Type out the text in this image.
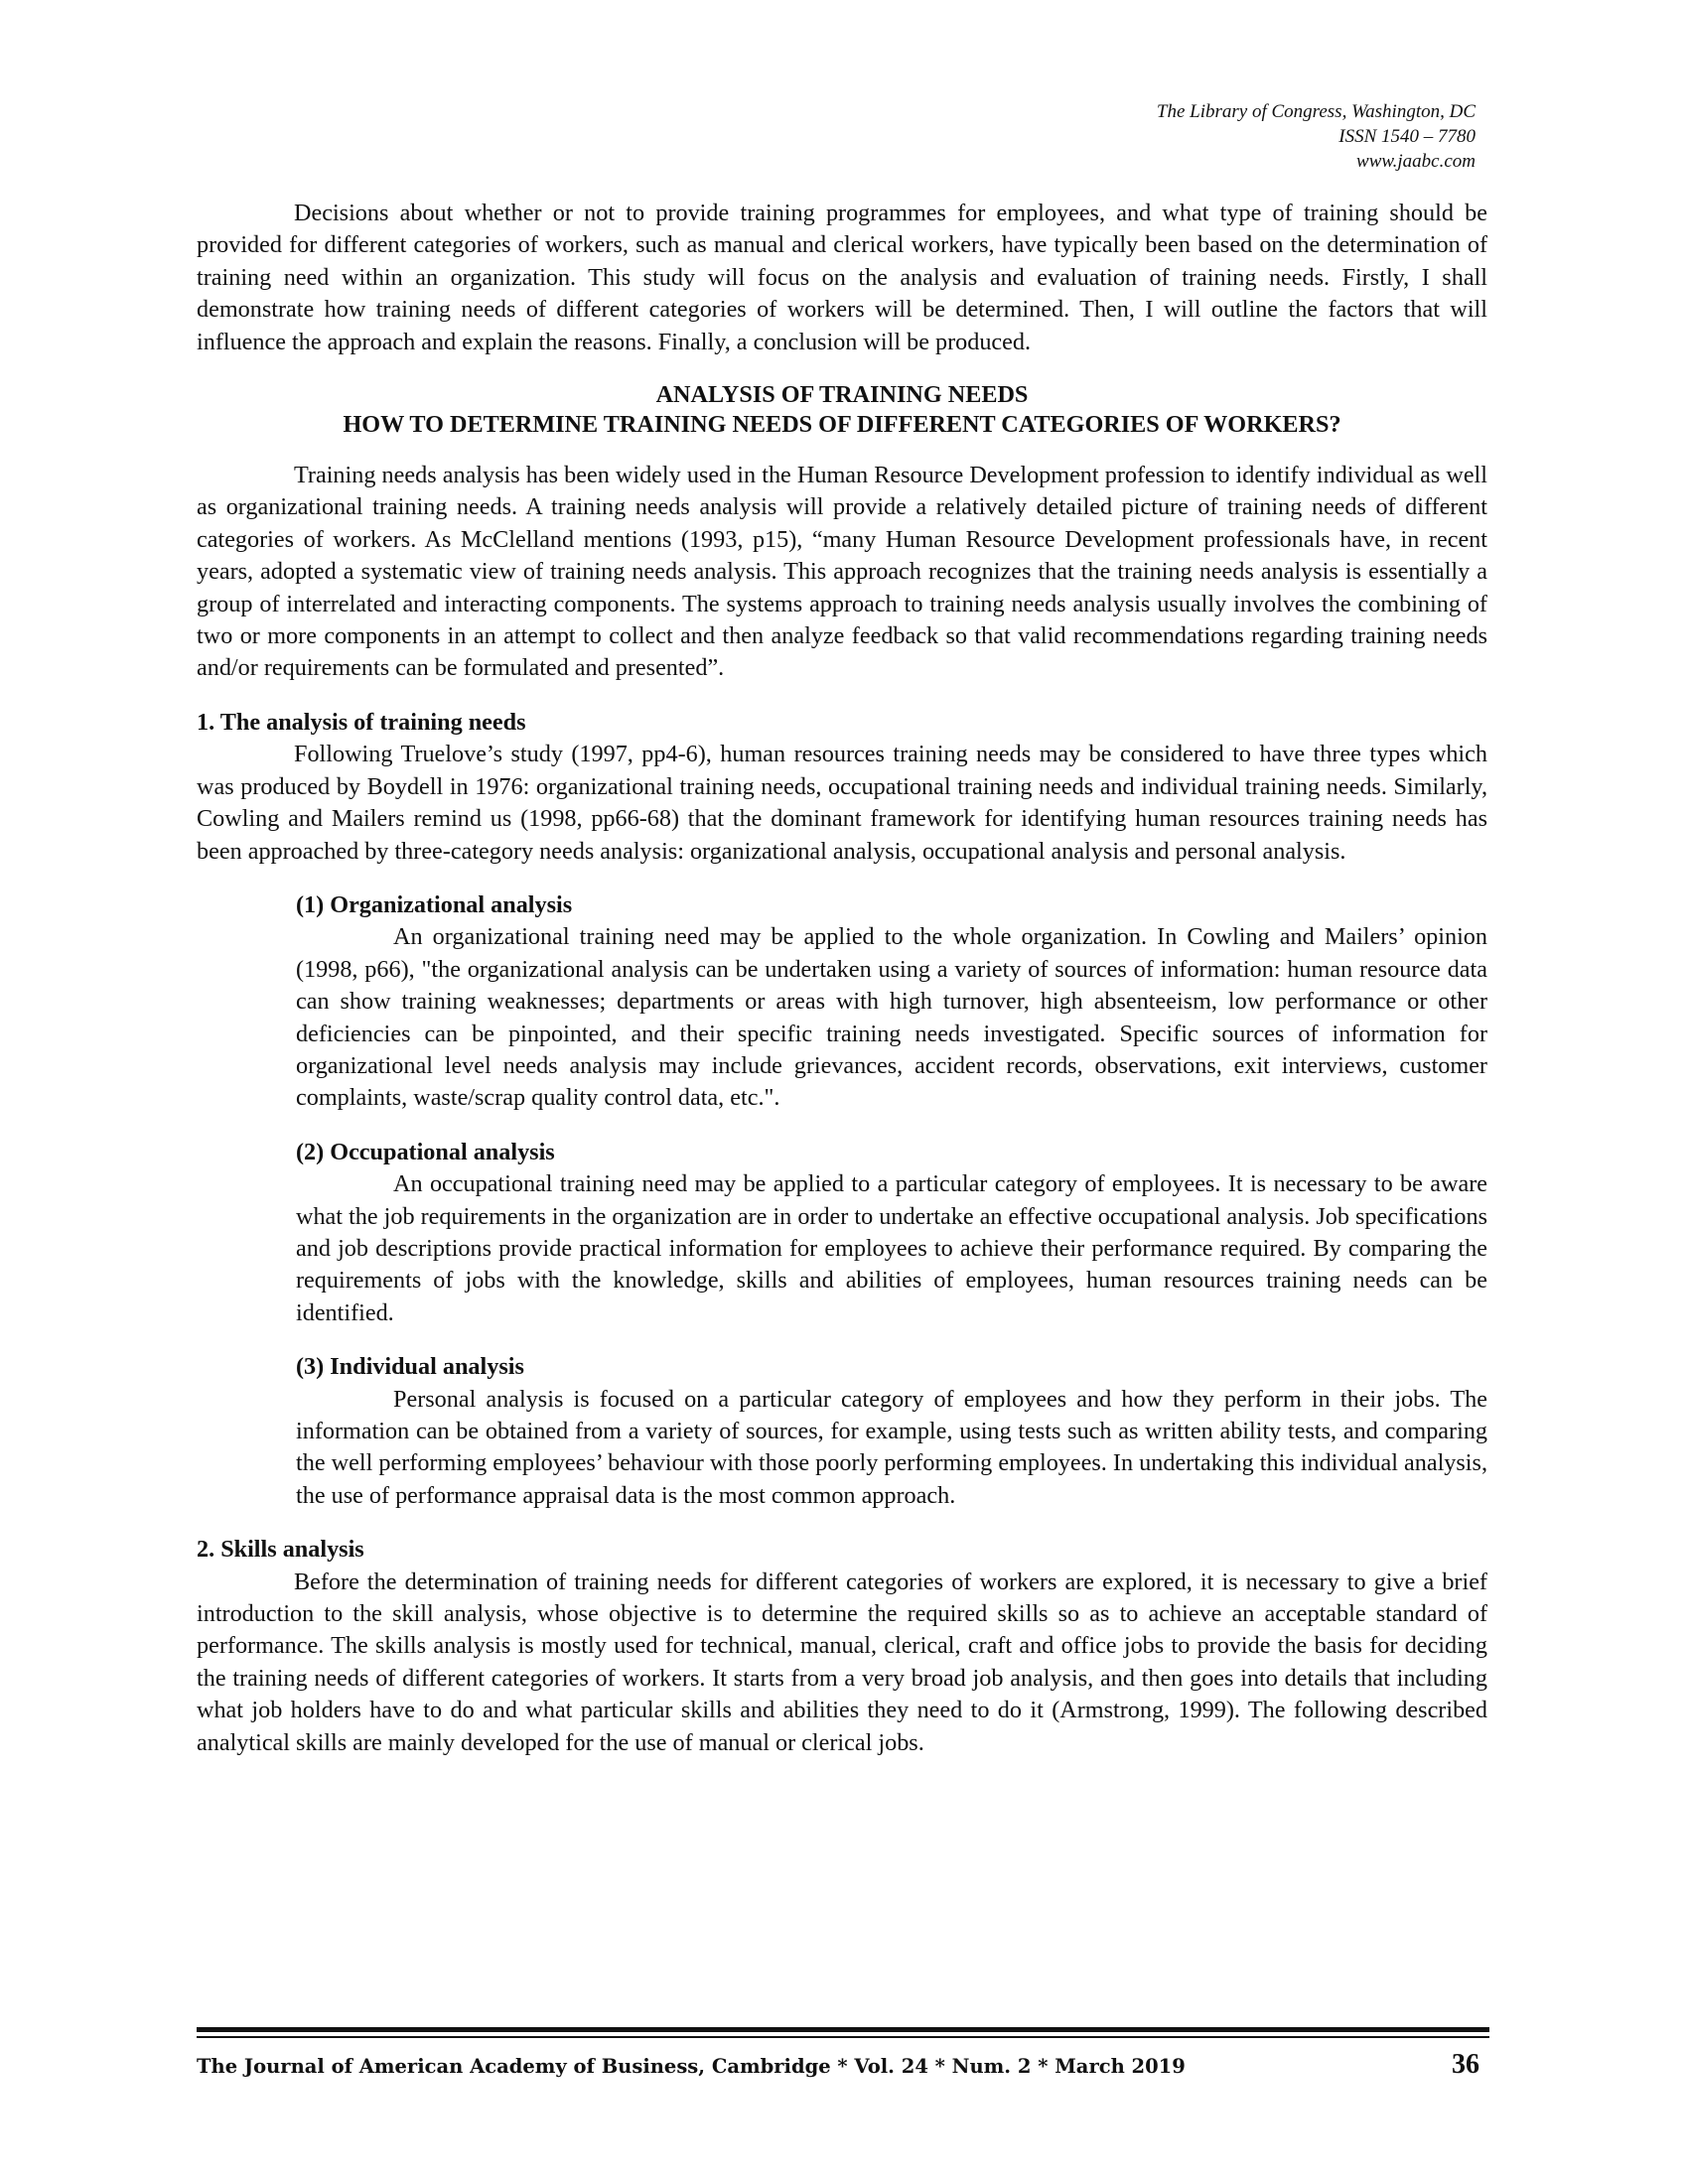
The Library of Congress, Washington, DC
ISSN 1540 – 7780
www.jaabc.com

Decisions about whether or not to provide training programmes for employees, and what type of training should be provided for different categories of workers, such as manual and clerical workers, have typically been based on the determination of training need within an organization. This study will focus on the analysis and evaluation of training needs. Firstly, I shall demonstrate how training needs of different categories of workers will be determined. Then, I will outline the factors that will influence the approach and explain the reasons. Finally, a conclusion will be produced.

ANALYSIS OF TRAINING NEEDS
HOW TO DETERMINE TRAINING NEEDS OF DIFFERENT CATEGORIES OF WORKERS?

Training needs analysis has been widely used in the Human Resource Development profession to identify individual as well as organizational training needs. A training needs analysis will provide a relatively detailed picture of training needs of different categories of workers. As McClelland mentions (1993, p15), “many Human Resource Development professionals have, in recent years, adopted a systematic view of training needs analysis. This approach recognizes that the training needs analysis is essentially a group of interrelated and interacting components. The systems approach to training needs analysis usually involves the combining of two or more components in an attempt to collect and then analyze feedback so that valid recommendations regarding training needs and/or requirements can be formulated and presented”.

1. The analysis of training needs

Following Truelove’s study (1997, pp4-6), human resources training needs may be considered to have three types which was produced by Boydell in 1976: organizational training needs, occupational training needs and individual training needs. Similarly, Cowling and Mailers remind us (1998, pp66-68) that the dominant framework for identifying human resources training needs has been approached by three-category needs analysis: organizational analysis, occupational analysis and personal analysis.

(1) Organizational analysis

An organizational training need may be applied to the whole organization. In Cowling and Mailers’ opinion (1998, p66), "the organizational analysis can be undertaken using a variety of sources of information: human resource data can show training weaknesses; departments or areas with high turnover, high absenteeism, low performance or other deficiencies can be pinpointed, and their specific training needs investigated. Specific sources of information for organizational level needs analysis may include grievances, accident records, observations, exit interviews, customer complaints, waste/scrap quality control data, etc.".

(2) Occupational analysis

An occupational training need may be applied to a particular category of employees. It is necessary to be aware what the job requirements in the organization are in order to undertake an effective occupational analysis. Job specifications and job descriptions provide practical information for employees to achieve their performance required. By comparing the requirements of jobs with the knowledge, skills and abilities of employees, human resources training needs can be identified.

(3) Individual analysis

Personal analysis is focused on a particular category of employees and how they perform in their jobs. The information can be obtained from a variety of sources, for example, using tests such as written ability tests, and comparing the well performing employees’ behaviour with those poorly performing employees. In undertaking this individual analysis, the use of performance appraisal data is the most common approach.

2. Skills analysis

Before the determination of training needs for different categories of workers are explored, it is necessary to give a brief introduction to the skill analysis, whose objective is to determine the required skills so as to achieve an acceptable standard of performance. The skills analysis is mostly used for technical, manual, clerical, craft and office jobs to provide the basis for deciding the training needs of different categories of workers. It starts from a very broad job analysis, and then goes into details that including what job holders have to do and what particular skills and abilities they need to do it (Armstrong, 1999). The following described analytical skills are mainly developed for the use of manual or clerical jobs.

The Journal of American Academy of Business, Cambridge * Vol. 24 * Num. 2 * March 2019	36
